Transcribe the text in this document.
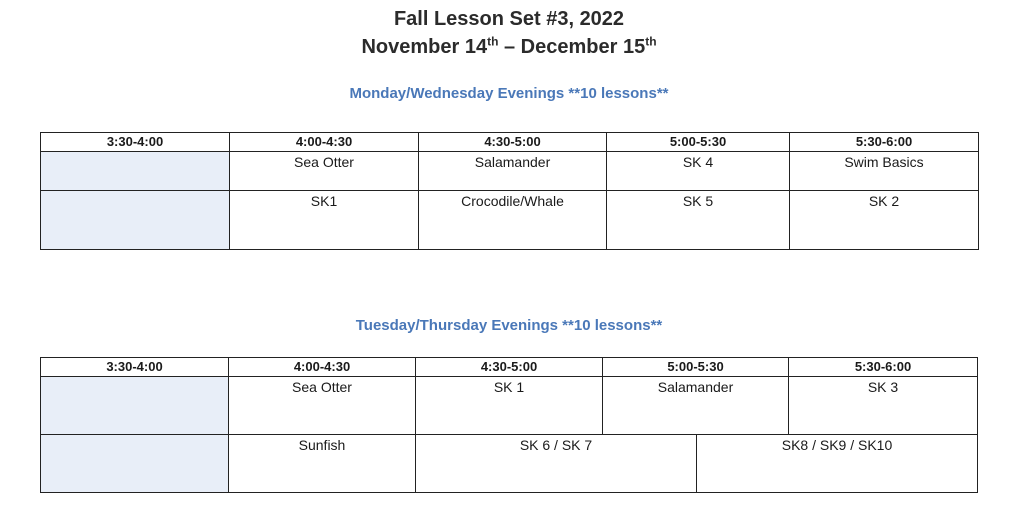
Fall Lesson Set #3, 2022
November 14th – December 15th
Monday/Wednesday Evenings **10 lessons**
3:30-4:00	4:00-4:30	4:30-5:00	5:00-5:30	5:30-6:00
	Sea Otter	Salamander	SK 4	Swim Basics
	SK1	Crocodile/Whale	SK 5	SK 2
Tuesday/Thursday Evenings **10 lessons**
3:30-4:00	4:00-4:30	4:30-5:00	5:00-5:30		5:30-6:00
	Sea Otter	SK 1	Salamander		SK 3
	Sunfish	SK 6 / SK 7		SK8 / SK9 / SK10	
